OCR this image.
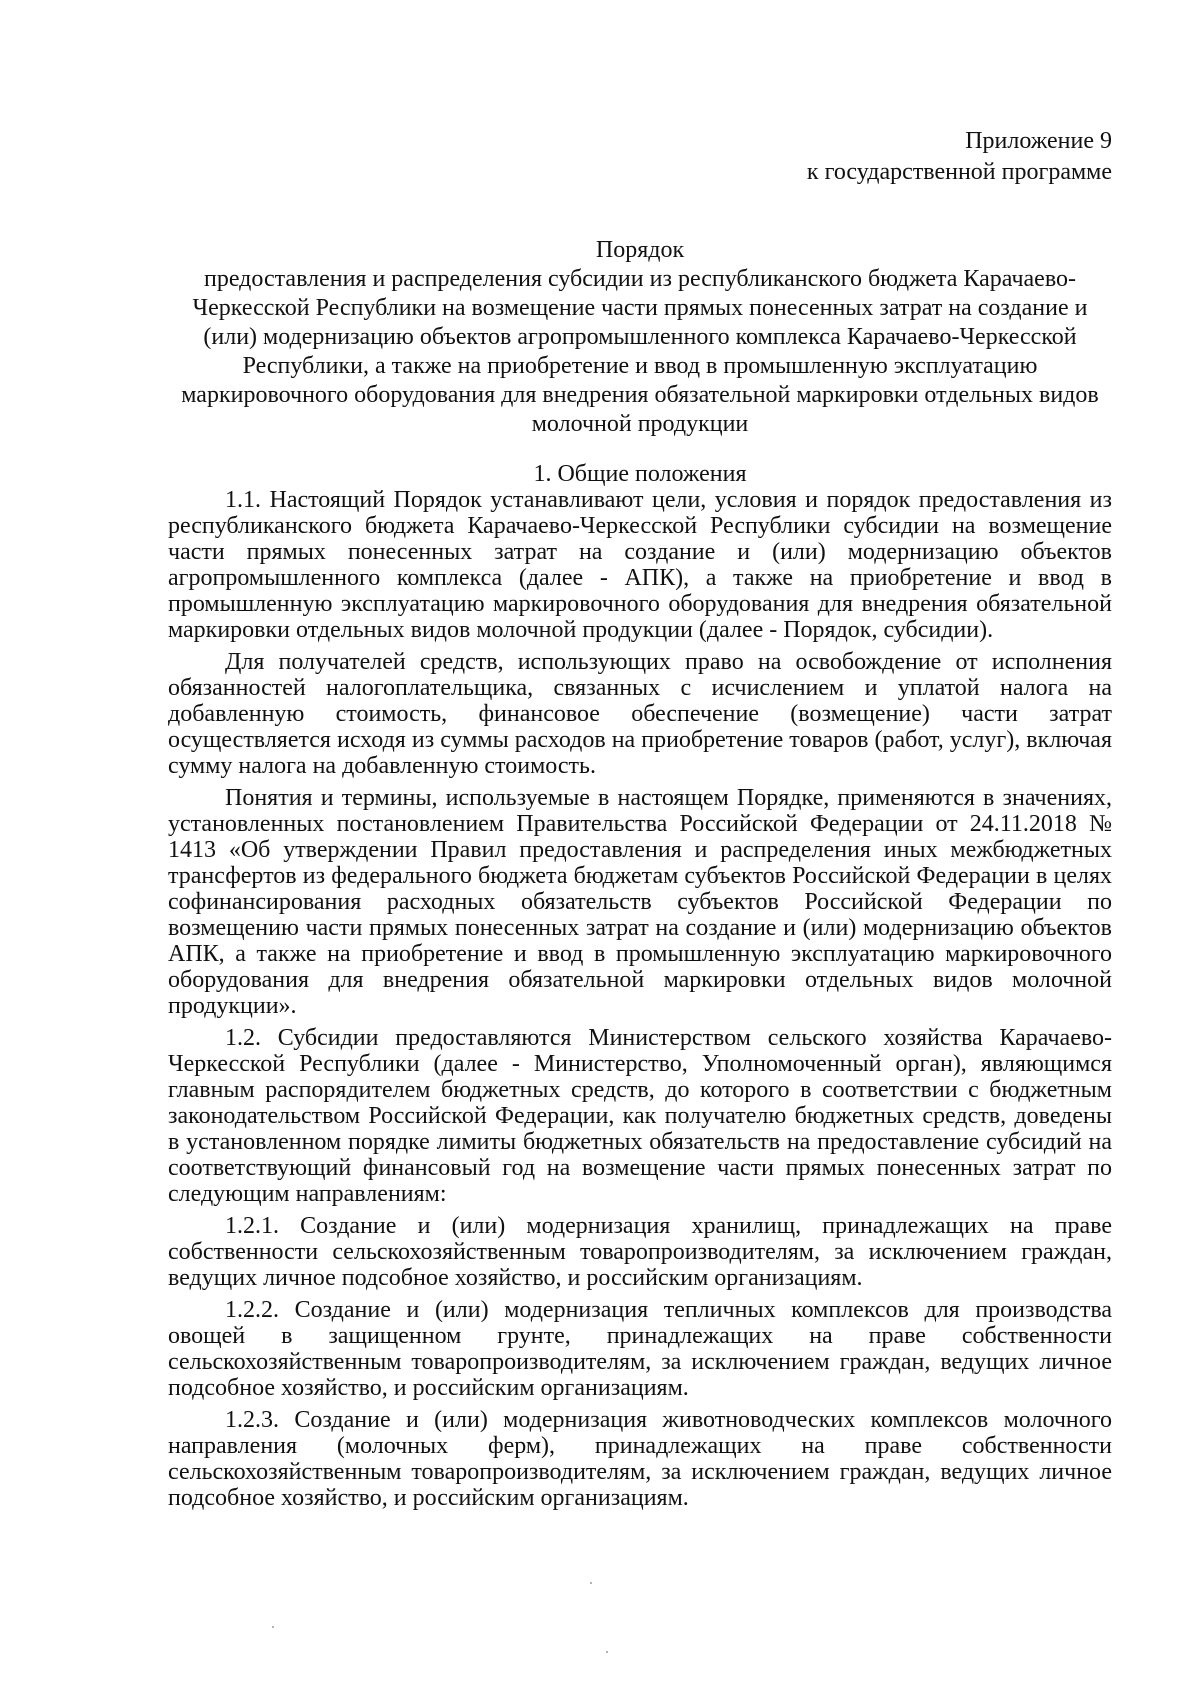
Приложение 9
к государственной программе
Порядок
предоставления и распределения субсидии из республиканского бюджета Карачаево-Черкесской Республики на возмещение части прямых понесенных затрат на создание и (или) модернизацию объектов агропромышленного комплекса Карачаево-Черкесской Республики, а также на приобретение и ввод в промышленную эксплуатацию маркировочного оборудования для внедрения обязательной маркировки отдельных видов молочной продукции
1. Общие положения

1.1. Настоящий Порядок устанавливают цели, условия и порядок предоставления из республиканского бюджета Карачаево-Черкесской Республики субсидии на возмещение части прямых понесенных затрат на создание и (или) модернизацию объектов агропромышленного комплекса (далее - АПК), а также на приобретение и ввод в промышленную эксплуатацию маркировочного оборудования для внедрения обязательной маркировки отдельных видов молочной продукции (далее - Порядок, субсидии).

Для получателей средств, использующих право на освобождение от исполнения обязанностей налогоплательщика, связанных с исчислением и уплатой налога на добавленную стоимость, финансовое обеспечение (возмещение) части затрат осуществляется исходя из суммы расходов на приобретение товаров (работ, услуг), включая сумму налога на добавленную стоимость.

Понятия и термины, используемые в настоящем Порядке, применяются в значениях, установленных постановлением Правительства Российской Федерации от 24.11.2018 № 1413 «Об утверждении Правил предоставления и распределения иных межбюджетных трансфертов из федерального бюджета бюджетам субъектов Российской Федерации в целях софинансирования расходных обязательств субъектов Российской Федерации по возмещению части прямых понесенных затрат на создание и (или) модернизацию объектов АПК, а также на приобретение и ввод в промышленную эксплуатацию маркировочного оборудования для внедрения обязательной маркировки отдельных видов молочной продукции».

1.2. Субсидии предоставляются Министерством сельского хозяйства Карачаево-Черкесской Республики (далее - Министерство, Уполномоченный орган), являющимся главным распорядителем бюджетных средств, до которого в соответствии с бюджетным законодательством Российской Федерации, как получателю бюджетных средств, доведены в установленном порядке лимиты бюджетных обязательств на предоставление субсидий на соответствующий финансовый год на возмещение части прямых понесенных затрат по следующим направлениям:

1.2.1. Создание и (или) модернизация хранилищ, принадлежащих на праве собственности сельскохозяйственным товаропроизводителям, за исключением граждан, ведущих личное подсобное хозяйство, и российским организациям.

1.2.2. Создание и (или) модернизация тепличных комплексов для производства овощей в защищенном грунте, принадлежащих на праве собственности сельскохозяйственным товаропроизводителям, за исключением граждан, ведущих личное подсобное хозяйство, и российским организациям.

1.2.3. Создание и (или) модернизация животноводческих комплексов молочного направления (молочных ферм), принадлежащих на праве собственности сельскохозяйственным товаропроизводителям, за исключением граждан, ведущих личное подсобное хозяйство, и российским организациям.
